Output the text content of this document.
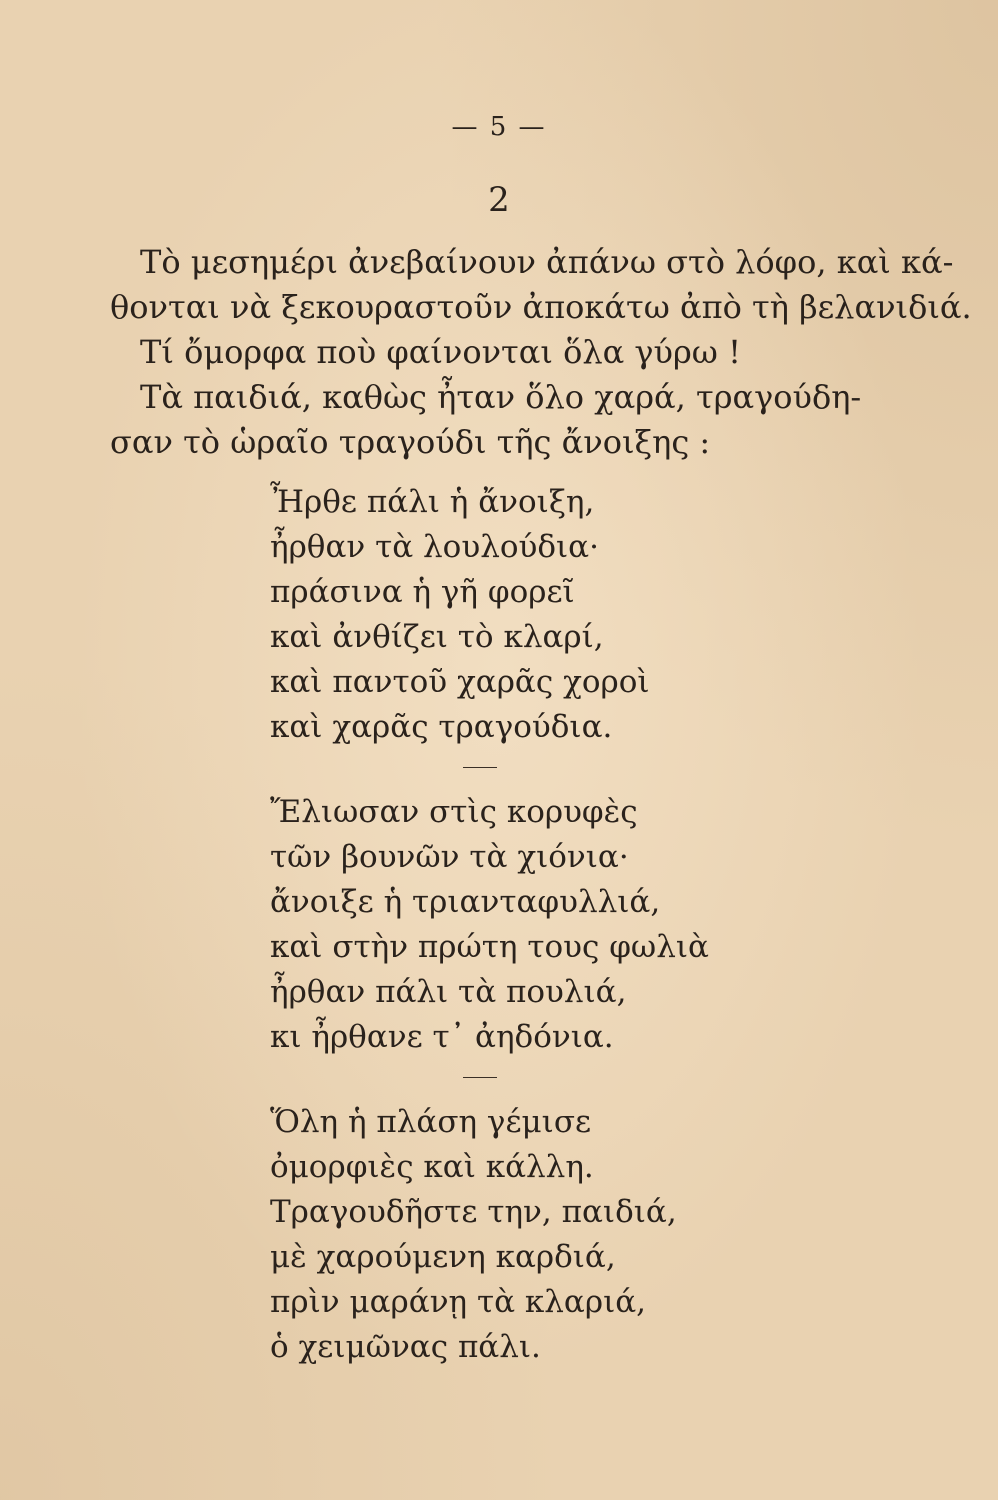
— 5 —
2

Τὸ μεσημέρι ἀνεβαίνουν ἀπάνω στὸ λόφο, καὶ κά-

θονται νὰ ξεκουραστοῦν ἀποκάτω ἀπὸ τὴ βελανιδιά.

Τί ὄμορφα ποὺ φαίνονται ὅλα γύρω !

Τὰ παιδιά, καθὼς ἦταν ὅλο χαρά, τραγούδη-

σαν τὸ ὡραῖο τραγούδι τῆς ἄνοιξης :

Ἦρθε πάλι ἡ ἄνοιξη,

ἦρθαν τὰ λουλούδια·

πράσινα ἡ γῆ φορεῖ

καὶ ἀνθίζει τὸ κλαρί,

καὶ παντοῦ χαρᾶς χοροὶ

καὶ χαρᾶς τραγούδια.

Ἔλιωσαν στὶς κορυφὲς

τῶν βουνῶν τὰ χιόνια·

ἄνοιξε ἡ τριανταφυλλιά,

καὶ στὴν πρώτη τους φωλιὰ

ἦρθαν πάλι τὰ πουλιά,

κι ἦρθανε τ᾿ ἀηδόνια.

Ὅλη ἡ πλάση γέμισε

ὀμορφιὲς καὶ κάλλη.

Τραγουδῆστε την, παιδιά,

μὲ χαρούμενη καρδιά,

πρὶν μαράνῃ τὰ κλαριά,

ὁ χειμῶνας πάλι.
